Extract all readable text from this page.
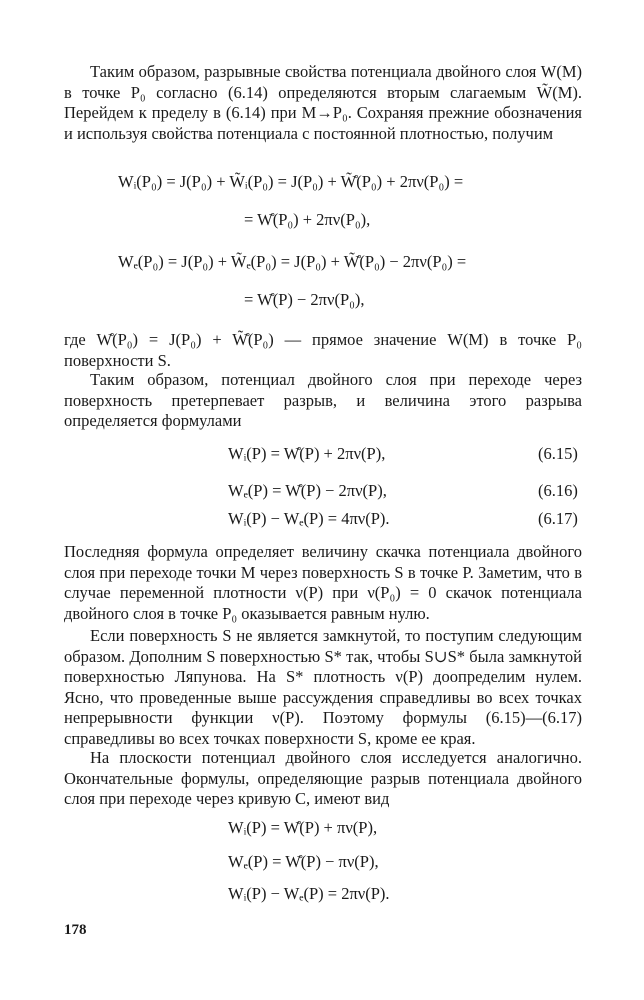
Таким образом, разрывные свойства потенциала двойного слоя W(M) в точке P₀ согласно (6.14) определяются вторым слагаемым W̃(M). Перейдем к пределу в (6.14) при M→P₀. Сохраняя прежние обозначения и используя свойства потенциала с постоянной плотностью, получим

Wᵢ(P₀) = J(P₀) + W̃ᵢ(P₀) = J(P₀) + W̊̃(P₀) + 2πν(P₀) =
= W̊(P₀) + 2πν(P₀),
Wₑ(P₀) = J(P₀) + W̃ₑ(P₀) = J(P₀) + W̊̃(P₀) − 2πν(P₀) =
= W̊(P) − 2πν(P₀),

где W̊(P₀) = J(P₀) + W̊̃(P₀) — прямое значение W(M) в точке P₀ поверхности S.

Таким образом, потенциал двойного слоя при переходе через поверхность претерпевает разрыв, и величина этого разрыва определяется формулами

Wᵢ(P) = W̊(P) + 2πν(P),	(6.15)
Wₑ(P) = W̊(P) − 2πν(P),	(6.16)
Wᵢ(P) − Wₑ(P) = 4πν(P).	(6.17)

Последняя формула определяет величину скачка потенциала двойного слоя при переходе точки M через поверхность S в точке P. Заметим, что в случае переменной плотности ν(P) при ν(P₀) = 0 скачок потенциала двойного слоя в точке P₀ оказывается равным нулю.

Если поверхность S не является замкнутой, то поступим следующим образом. Дополним S поверхностью S* так, чтобы S∪S* была замкнутой поверхностью Ляпунова. На S* плотность ν(P) доопределим нулем. Ясно, что проведенные выше рассуждения справедливы во всех точках непрерывности функции ν(P). Поэтому формулы (6.15)—(6.17) справедливы во всех точках поверхности S, кроме ее края.

На плоскости потенциал двойного слоя исследуется аналогично. Окончательные формулы, определяющие разрыв потенциала двойного слоя при переходе через кривую C, имеют вид

Wᵢ(P) = W̊(P) + πν(P),
Wₑ(P) = W̊(P) − πν(P),
Wᵢ(P) − Wₑ(P) = 2πν(P).
178
